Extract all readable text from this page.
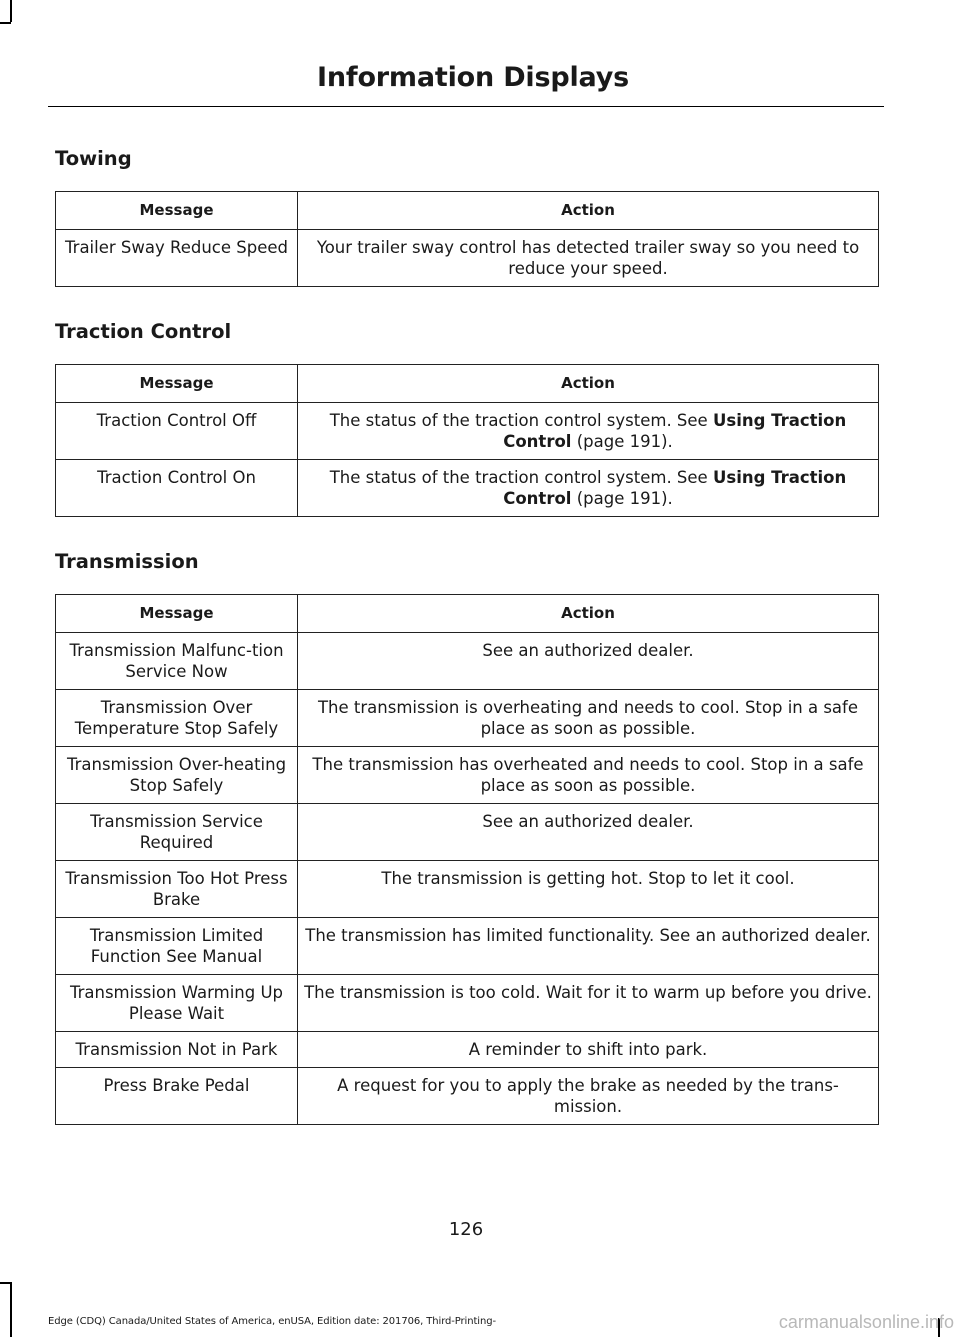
Information Displays
Towing
Message	Action
Trailer Sway Reduce Speed	Your trailer sway control has detected trailer sway so you need to reduce your speed.
Traction Control
Message	Action
Traction Control Off	The status of the traction control system. See Using Traction Control (page 191).
Traction Control On	The status of the traction control system. See Using Traction Control (page 191).
Transmission
Message	Action
Transmission Malfunc-tion Service Now	See an authorized dealer.
Transmission Over Temperature Stop Safely	The transmission is overheating and needs to cool. Stop in a safe place as soon as possible.
Transmission Over-heating Stop Safely	The transmission has overheated and needs to cool. Stop in a safe place as soon as possible.
Transmission Service Required	See an authorized dealer.
Transmission Too Hot Press Brake	The transmission is getting hot. Stop to let it cool.
Transmission Limited Function See Manual	The transmission has limited functionality. See an authorized dealer.
Transmission Warming Up Please Wait	The transmission is too cold. Wait for it to warm up before you drive.
Transmission Not in Park	A reminder to shift into park.
Press Brake Pedal	A request for you to apply the brake as needed by the trans-mission.
126
Edge (CDQ) Canada/United States of America, enUSA, Edition date: 201706, Third-Printing-	carmanualsonline.info
